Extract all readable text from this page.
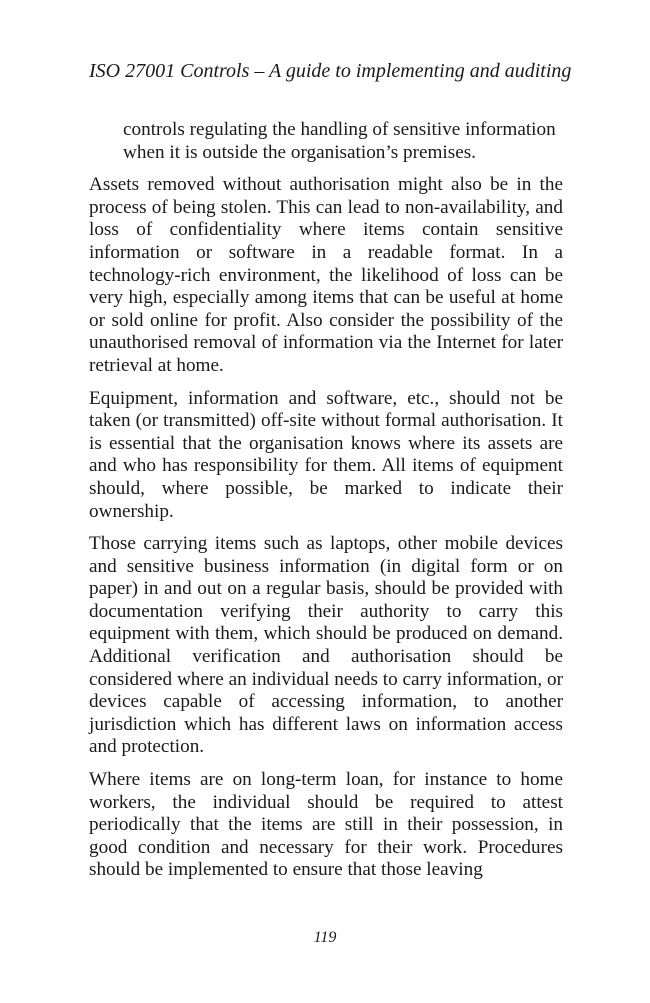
ISO 27001 Controls – A guide to implementing and auditing

controls regulating the handling of sensitive information when it is outside the organisation’s premises.

Assets removed without authorisation might also be in the process of being stolen. This can lead to non-availability, and loss of confidentiality where items contain sensitive information or software in a readable format. In a technology-rich environment, the likelihood of loss can be very high, especially among items that can be useful at home or sold online for profit. Also consider the possibility of the unauthorised removal of information via the Internet for later retrieval at home.

Equipment, information and software, etc., should not be taken (or transmitted) off-site without formal authorisation. It is essential that the organisation knows where its assets are and who has responsibility for them. All items of equipment should, where possible, be marked to indicate their ownership.

Those carrying items such as laptops, other mobile devices and sensitive business information (in digital form or on paper) in and out on a regular basis, should be provided with documentation verifying their authority to carry this equipment with them, which should be produced on demand. Additional verification and authorisation should be considered where an individual needs to carry information, or devices capable of accessing information, to another jurisdiction which has different laws on information access and protection.

Where items are on long-term loan, for instance to home workers, the individual should be required to attest periodically that the items are still in their possession, in good condition and necessary for their work. Procedures should be implemented to ensure that those leaving

119
